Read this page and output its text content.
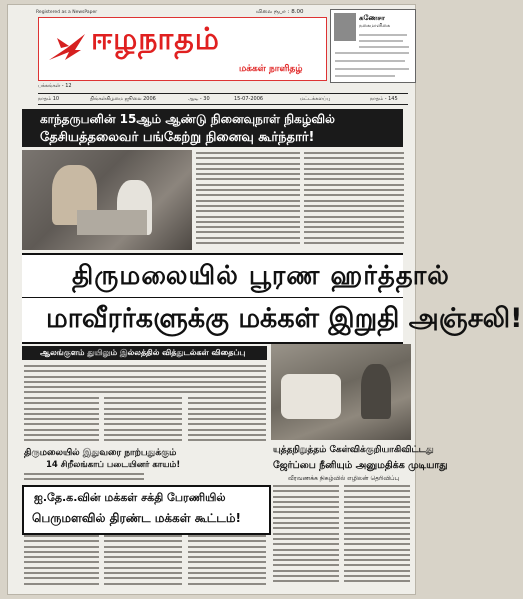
Registered as a NewsPaper	விலை ரூபா : 8.00
ஈழநாதம்
மக்கள் நாளிதழ்
கணேசா
நகைமாளிகை
பக்கங்கள் - 12
நாதம் 10	திங்கள்கிழமை ஜூலை 2006	ஆடி - 30	15-07-2006	மட்டக்களப்பு	நாதம் - 145
காந்தருபனின் 15ஆம் ஆண்டு நினைவுநாள் நிகழ்வில்
தேசியத்தலைவர் பங்கேற்று நினைவு கூர்ந்தார்!
திருமலையில் பூரண ஹர்த்தால்
மாவீரர்களுக்கு மக்கள் இறுதி அஞ்சலி!
ஆலங்குளம் துயிலும் இல்லத்தில் வித்துடல்கள் விதைப்பு
திருமலையில் இதுவரை நாற்பதுக்கும்
14 சிறீலங்காப் படையினர் காயம்!
ஐ.தே.க.வின் மக்கள் சக்தி பேரணியில்
பெருமளவில் திரண்ட மக்கள் கூட்டம்!
யுத்தநிறுத்தம் கேள்விக்குறியாகிவிட்டது
ஜேர்ப்பை நீனியும் அனுமதிக்க முடியாது
வீரவணக்க நிகழ்வில் எழிலன் தெரிவிப்பு
